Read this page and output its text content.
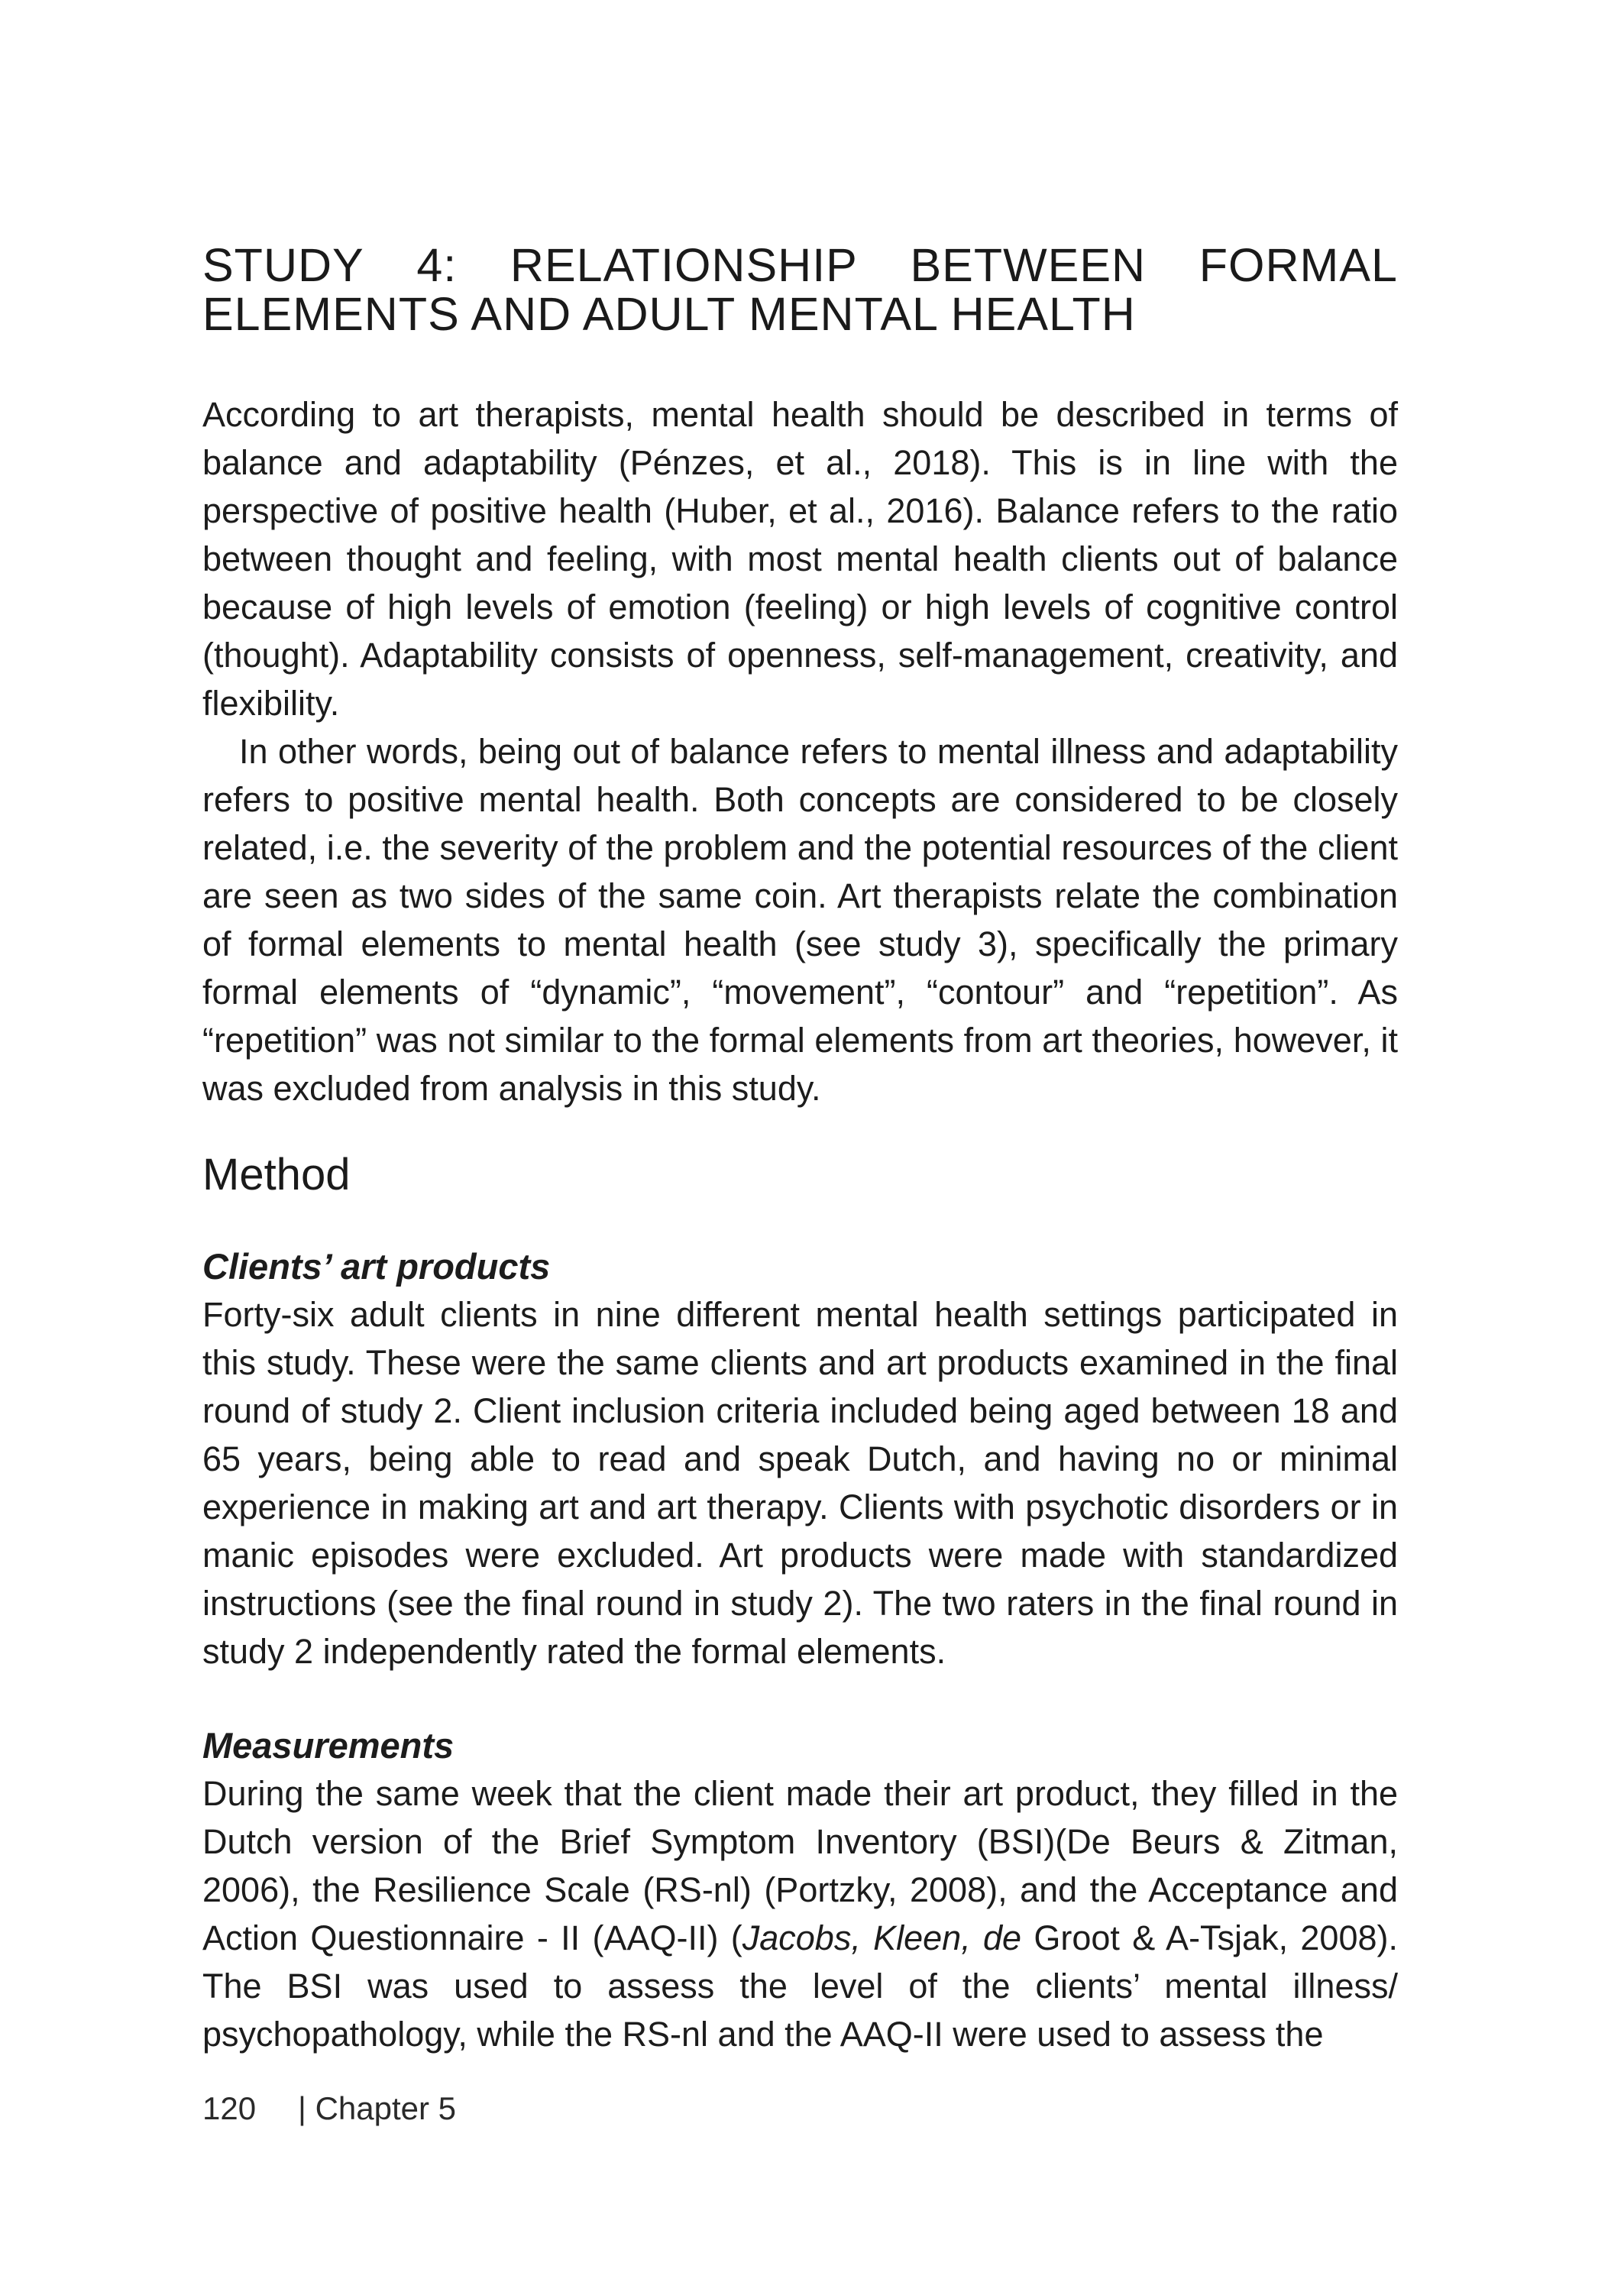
STUDY 4: RELATIONSHIP BETWEEN FORMAL
ELEMENTS AND ADULT MENTAL HEALTH

According to art therapists, mental health should be described in terms of balance and adaptability (Pénzes, et al., 2018). This is in line with the perspective of positive health (Huber, et al., 2016). Balance refers to the ratio between thought and feeling, with most mental health clients out of balance because of high levels of emotion (feeling) or high levels of cognitive control (thought). Adaptability consists of openness, self-management, creativity, and flexibility.

In other words, being out of balance refers to mental illness and adaptability refers to positive mental health. Both concepts are considered to be closely related, i.e. the severity of the problem and the potential resources of the client are seen as two sides of the same coin. Art therapists relate the combination of formal elements to mental health (see study 3), specifically the primary formal elements of “dynamic”, “movement”, “contour” and “repetition”. As “repetition” was not similar to the formal elements from art theories, however, it was excluded from analysis in this study.

Method
Clients’ art products

Forty-six adult clients in nine different mental health settings participated in this study. These were the same clients and art products examined in the final round of study 2. Client inclusion criteria included being aged between 18 and 65 years, being able to read and speak Dutch, and having no or minimal experience in making art and art therapy. Clients with psychotic disorders or in manic episodes were excluded. Art products were made with standardized instructions (see the final round in study 2). The two raters in the final round in study 2 independently rated the formal elements.

Measurements

During the same week that the client made their art product, they filled in the Dutch version of the Brief Symptom Inventory (BSI)(De Beurs & Zitman, 2006), the Resilience Scale (RS-nl) (Portzky, 2008), and the Acceptance and Action Questionnaire - II (AAQ-II) (Jacobs, Kleen, de Groot & A-Tsjak, 2008). The BSI was used to assess the level of the clients’ mental illness/ psychopathology, while the RS-nl and the AAQ-II were used to assess the

120 | Chapter 5
